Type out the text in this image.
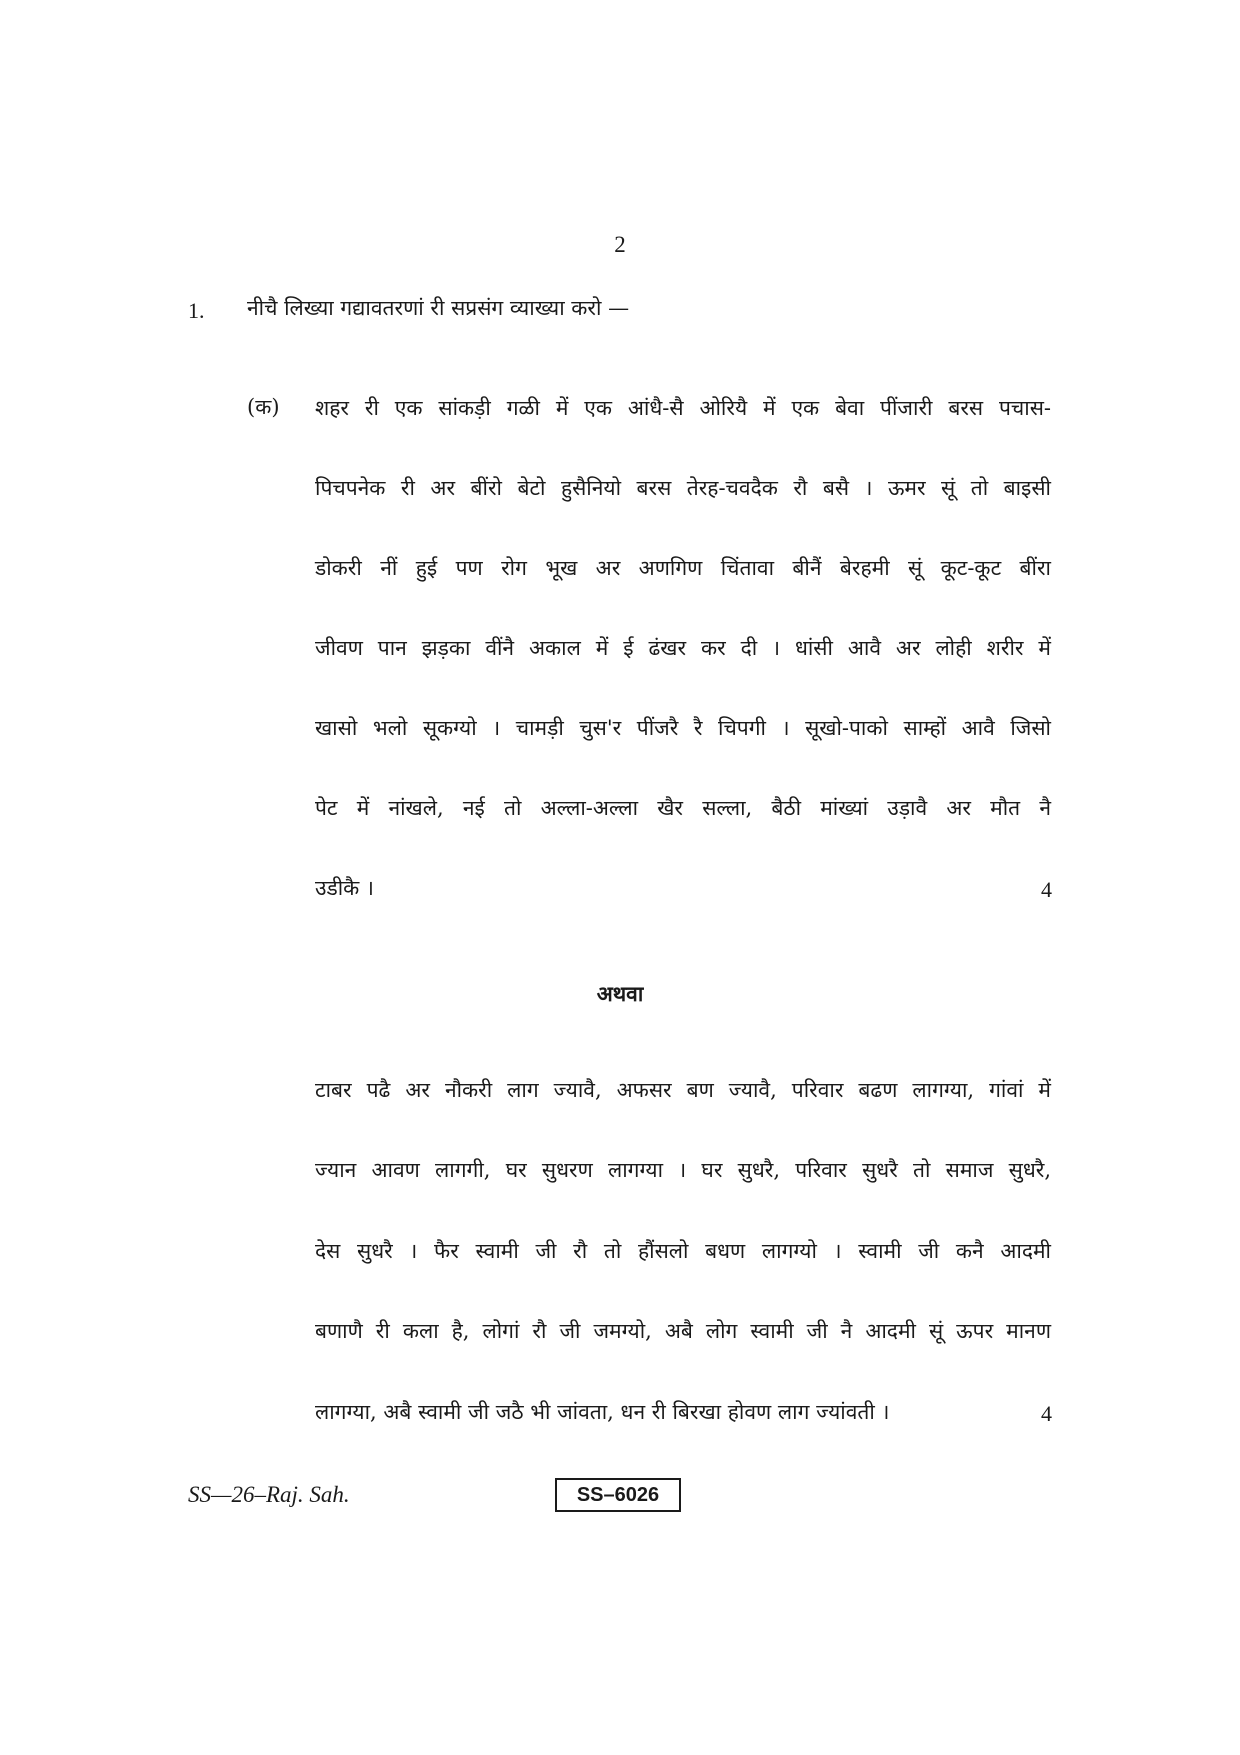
2
1. नीचै लिख्या गद्यावतरणां री सप्रसंग व्याख्या करो —
(क) शहर री एक सांकड़ी गळी में एक आंधै-सै ओरियै में एक बेवा पींजारी बरस पचास-
पिचपनेक री अर बींरो बेटो हुसैनियो बरस तेरह-चवदैक रौ बसै । ऊमर सूं तो बाइसी
डोकरी नीं हुई पण रोग भूख अर अणगिण चिंतावा बीनैं बेरहमी सूं कूट-कूट बींरा
जीवण पान झड़का वींनै अकाल में ई ढंखर कर दी । धांसी आवै अर लोही शरीर में
खासो भलो सूकग्यो । चामड़ी चुस'र पींजरै रै चिपगी । सूखो-पाको साम्हों आवै जिसो
पेट में नांखले, नई तो अल्ला-अल्ला खैर सल्ला, बैठी मांख्यां उड़ावै अर मौत नै
उडीकै ।	4
अथवा
टाबर पढै अर नौकरी लाग ज्यावै, अफसर बण ज्यावै, परिवार बढण लागग्या, गांवां में
ज्यान आवण लागगी, घर सुधरण लागग्या । घर सुधरै, परिवार सुधरै तो समाज सुधरै,
देस सुधरै । फैर स्वामी जी रौ तो हौंसलो बधण लागग्यो । स्वामी जी कनै आदमी
बणाणै री कला है, लोगां रौ जी जमग्यो, अबै लोग स्वामी जी नै आदमी सूं ऊपर मानण
लागग्या, अबै स्वामी जी जठै भी जांवता, धन री बिरखा होवण लाग ज्यांवती ।	4
SS—26–Raj. Sah.	SS–6026
